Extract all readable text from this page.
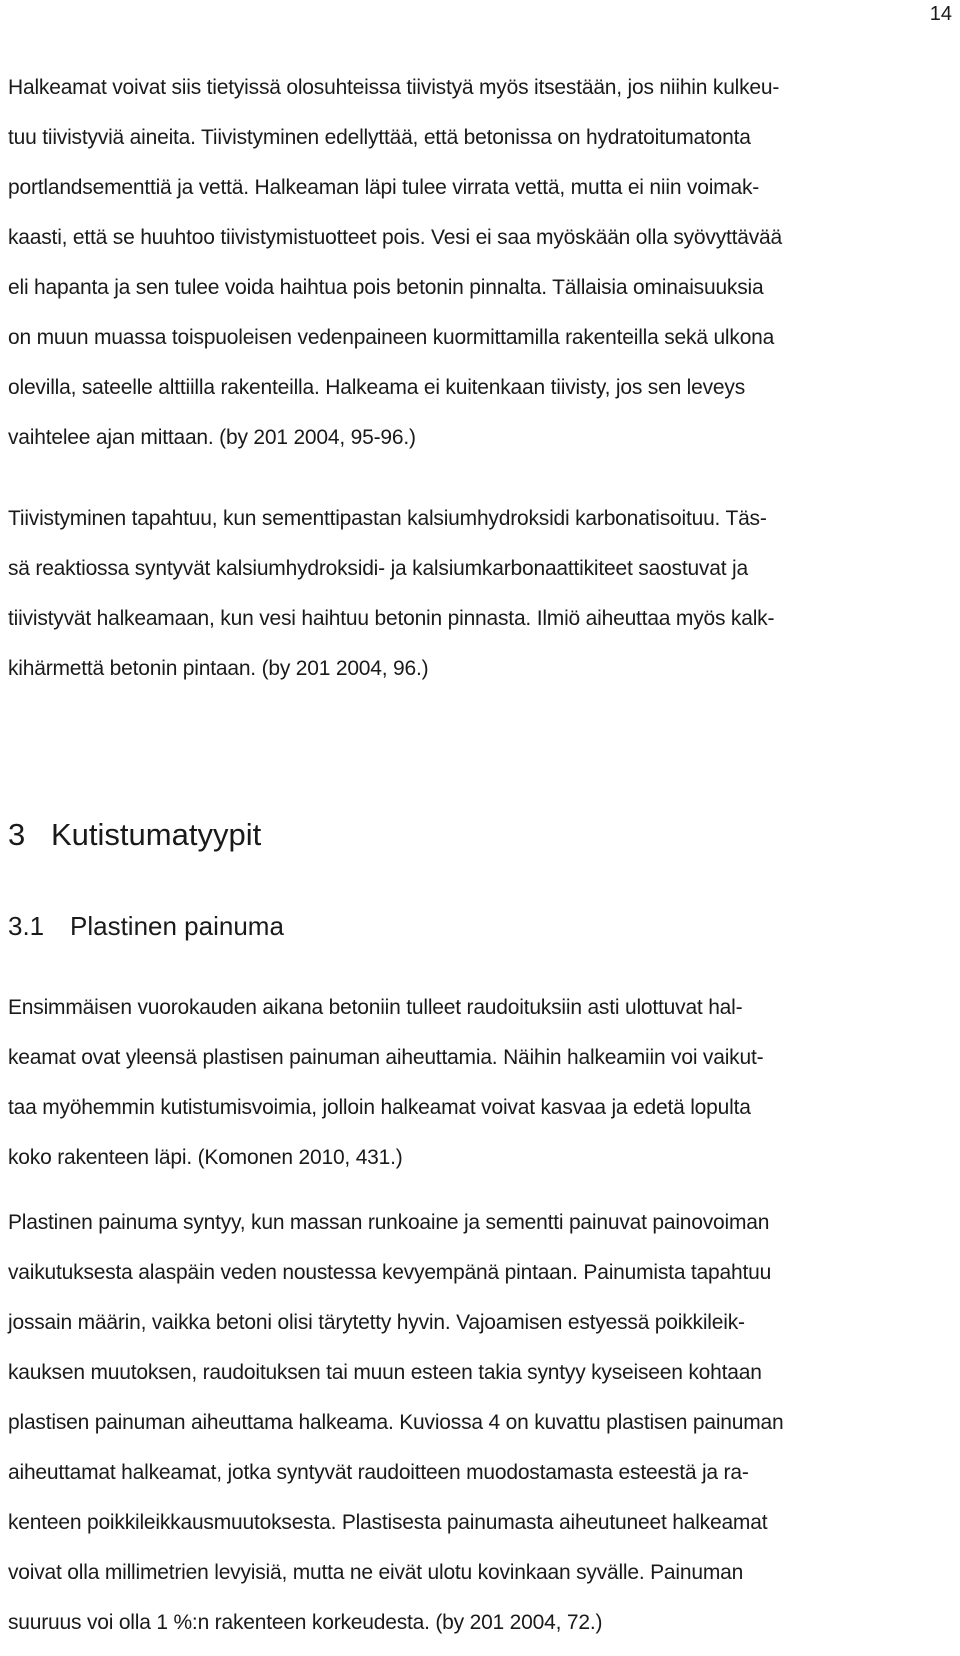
14

Halkeamat voivat siis tietyissä olosuhteissa tiivistyä myös itsestään, jos niihin kulkeu-
tuu tiivistyviä aineita. Tiivistyminen edellyttää, että betonissa on hydratoitumatonta
portlandsementtiä ja vettä. Halkeaman läpi tulee virrata vettä, mutta ei niin voimak-
kaasti, että se huuhtoo tiivistymistuotteet pois. Vesi ei saa myöskään olla syövyttävää
eli hapanta ja sen tulee voida haihtua pois betonin pinnalta. Tällaisia ominaisuuksia
on muun muassa toispuoleisen vedenpaineen kuormittamilla rakenteilla sekä ulkona
olevilla, sateelle alttiilla rakenteilla. Halkeama ei kuitenkaan tiivisty, jos sen leveys
vaihtelee ajan mittaan. (by 201 2004, 95-96.)

Tiivistyminen tapahtuu, kun sementtipastan kalsiumhydroksidi karbonatisoituu. Täs-
sä reaktiossa syntyvät kalsiumhydroksidi- ja kalsiumkarbonaattikiteet saostuvat ja
tiivistyvät halkeamaan, kun vesi haihtuu betonin pinnasta. Ilmiö aiheuttaa myös kalk-
kihärmettä betonin pintaan. (by 201 2004, 96.)

3 Kutistumatyypit
3.1 Plastinen painuma

Ensimmäisen vuorokauden aikana betoniin tulleet raudoituksiin asti ulottuvat hal-
keamat ovat yleensä plastisen painuman aiheuttamia. Näihin halkeamiin voi vaikut-
taa myöhemmin kutistumisvoimia, jolloin halkeamat voivat kasvaa ja edetä lopulta
koko rakenteen läpi. (Komonen 2010, 431.)

Plastinen painuma syntyy, kun massan runkoaine ja sementti painuvat painovoiman
vaikutuksesta alaspäin veden noustessa kevyempänä pintaan. Painumista tapahtuu
jossain määrin, vaikka betoni olisi tärytetty hyvin. Vajoamisen estyessä poikkileik-
kauksen muutoksen, raudoituksen tai muun esteen takia syntyy kyseiseen kohtaan
plastisen painuman aiheuttama halkeama. Kuviossa 4 on kuvattu plastisen painuman
aiheuttamat halkeamat, jotka syntyvät raudoitteen muodostamasta esteestä ja ra-
kenteen poikkileikkausmuutoksesta. Plastisesta painumasta aiheutuneet halkeamat
voivat olla millimetrien levyisiä, mutta ne eivät ulotu kovinkaan syvälle. Painuman
suuruus voi olla 1 %:n rakenteen korkeudesta. (by 201 2004, 72.)
